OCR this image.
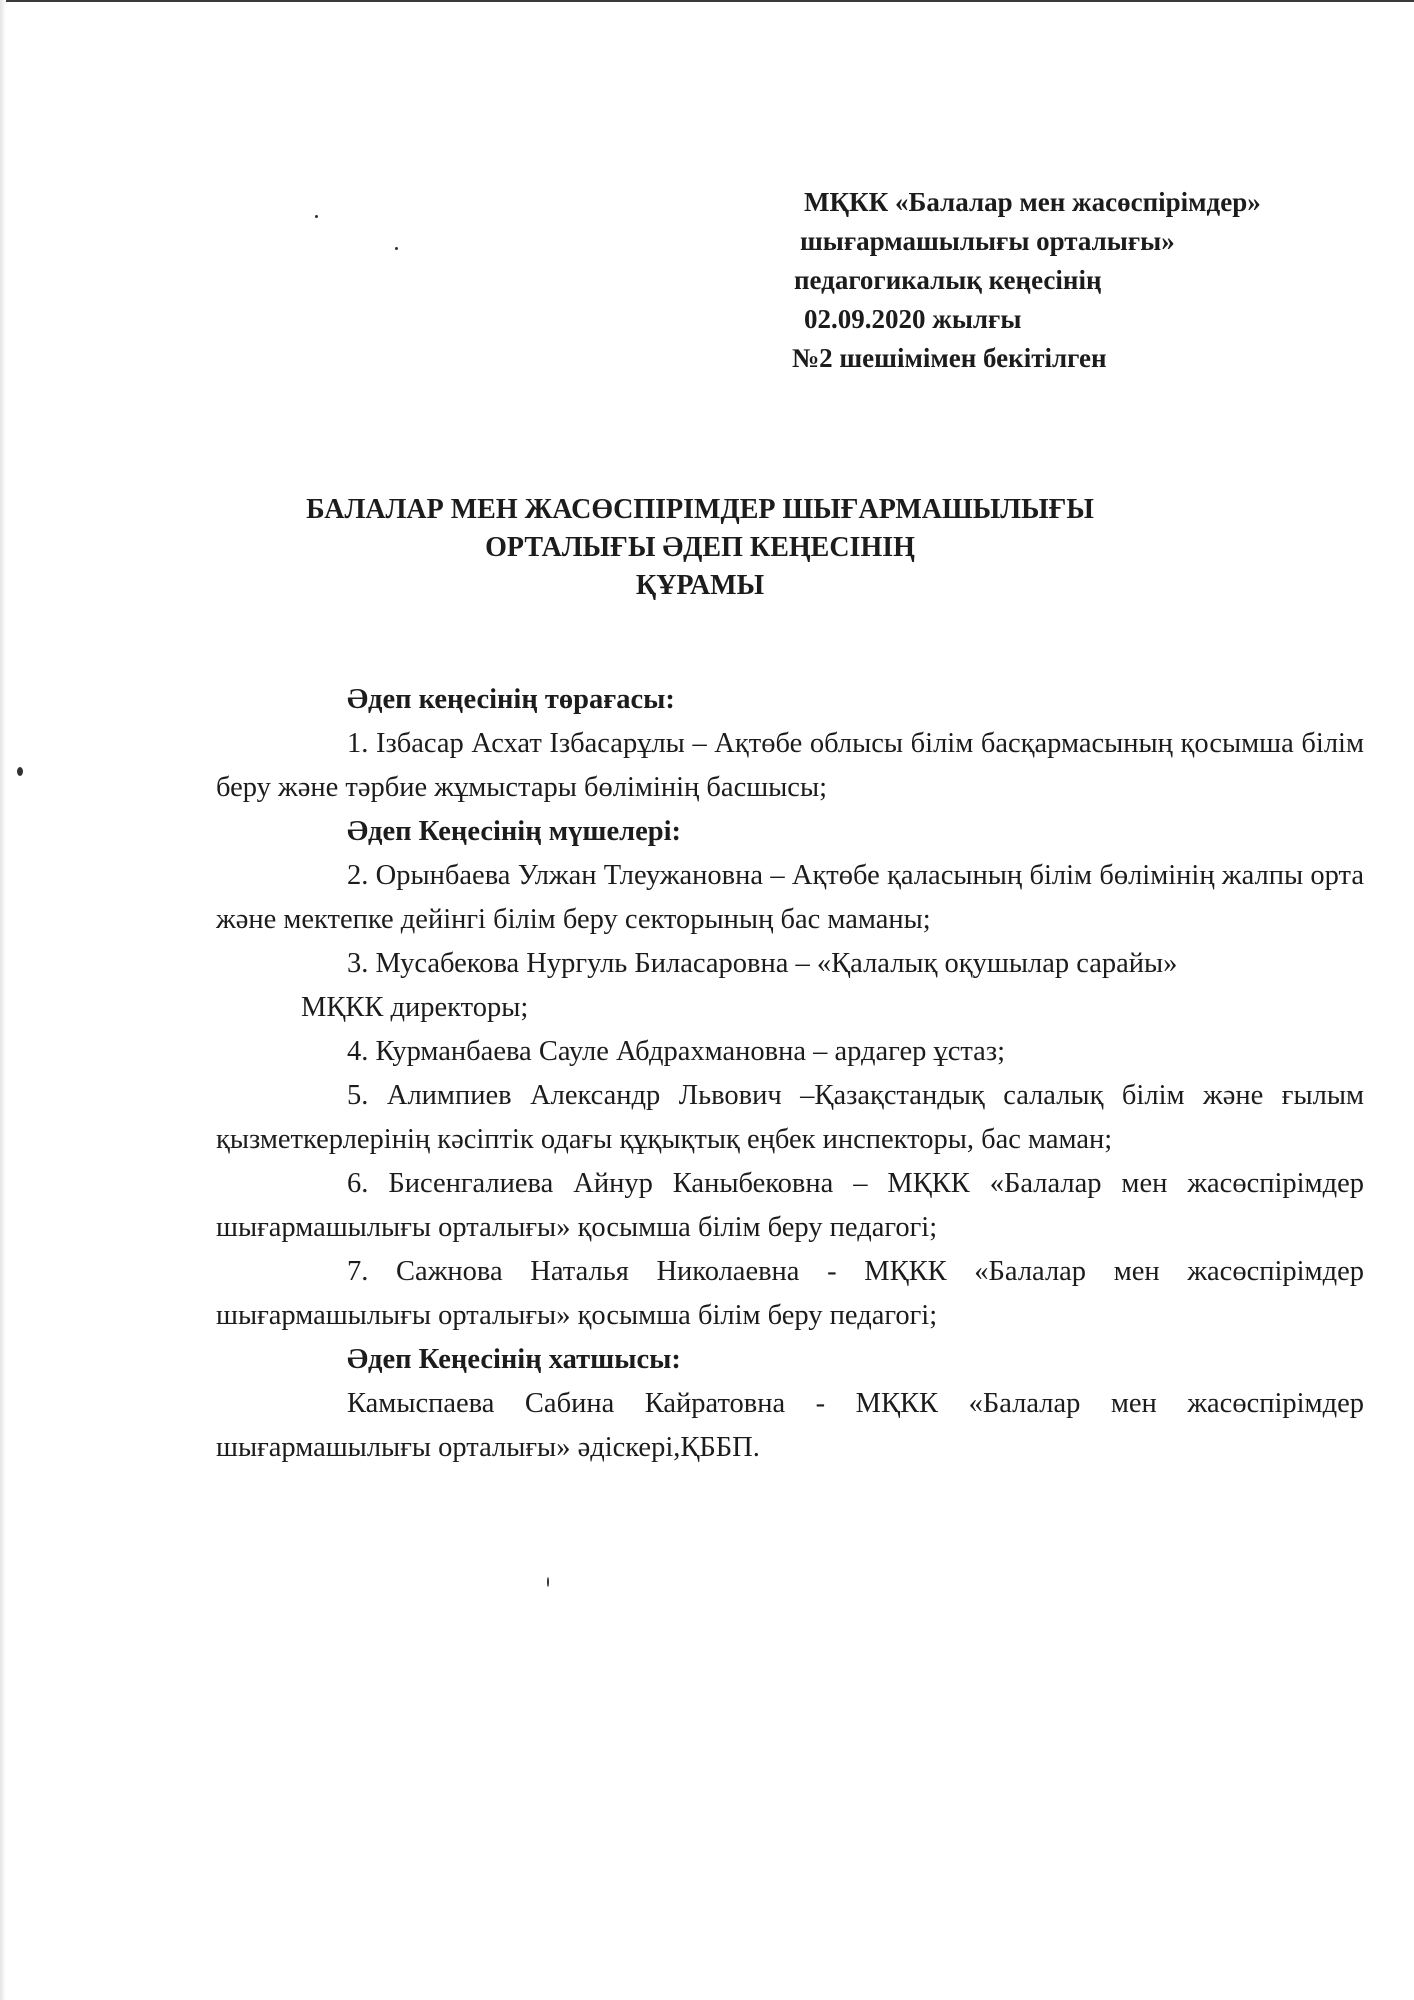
МҚКК «Балалар мен жасөспірімдер»
шығармашылығы орталығы»
педагогикалық кеңесінің
02.09.2020 жылғы
№2 шешімімен бекітілген
БАЛАЛАР МЕН ЖАСӨСПІРІМДЕР ШЫҒАРМАШЫЛЫҒЫ
ОРТАЛЫҒЫ ӘДЕП КЕҢЕСІНІҢ
ҚҰРАМЫ

Әдеп кеңесінің төрағасы:

1. Ізбасар Асхат Ізбасарұлы – Ақтөбе облысы білім басқармасының қосымша білім беру және тәрбие жұмыстары бөлімінің басшысы;

Әдеп Кеңесінің мүшелері:

2. Орынбаева Улжан Тлеужановна – Ақтөбе қаласының білім бөлімінің жалпы орта және мектепке дейінгі білім беру секторының бас маманы;

3. Мусабекова Нургуль Биласаровна – «Қалалық оқушылар сарайы»

МҚКК директоры;

4. Курманбаева Сауле Абдрахмановна – ардагер ұстаз;

5. Алимпиев Александр Львович –Қазақстандық салалық білім және ғылым қызметкерлерінің кәсіптік одағы құқықтық еңбек инспекторы, бас маман;

6. Бисенгалиева Айнур Каныбековна – МҚКК «Балалар мен жасөспірімдер шығармашылығы орталығы» қосымша білім беру педагогі;

7. Сажнова Наталья Николаевна - МҚКК «Балалар мен жасөспірімдер шығармашылығы орталығы» қосымша білім беру педагогі;

Әдеп Кеңесінің хатшысы:

Камыспаева Сабина Кайратовна - МҚКК «Балалар мен жасөспірімдер шығармашылығы орталығы» әдіскері,ҚББП.
